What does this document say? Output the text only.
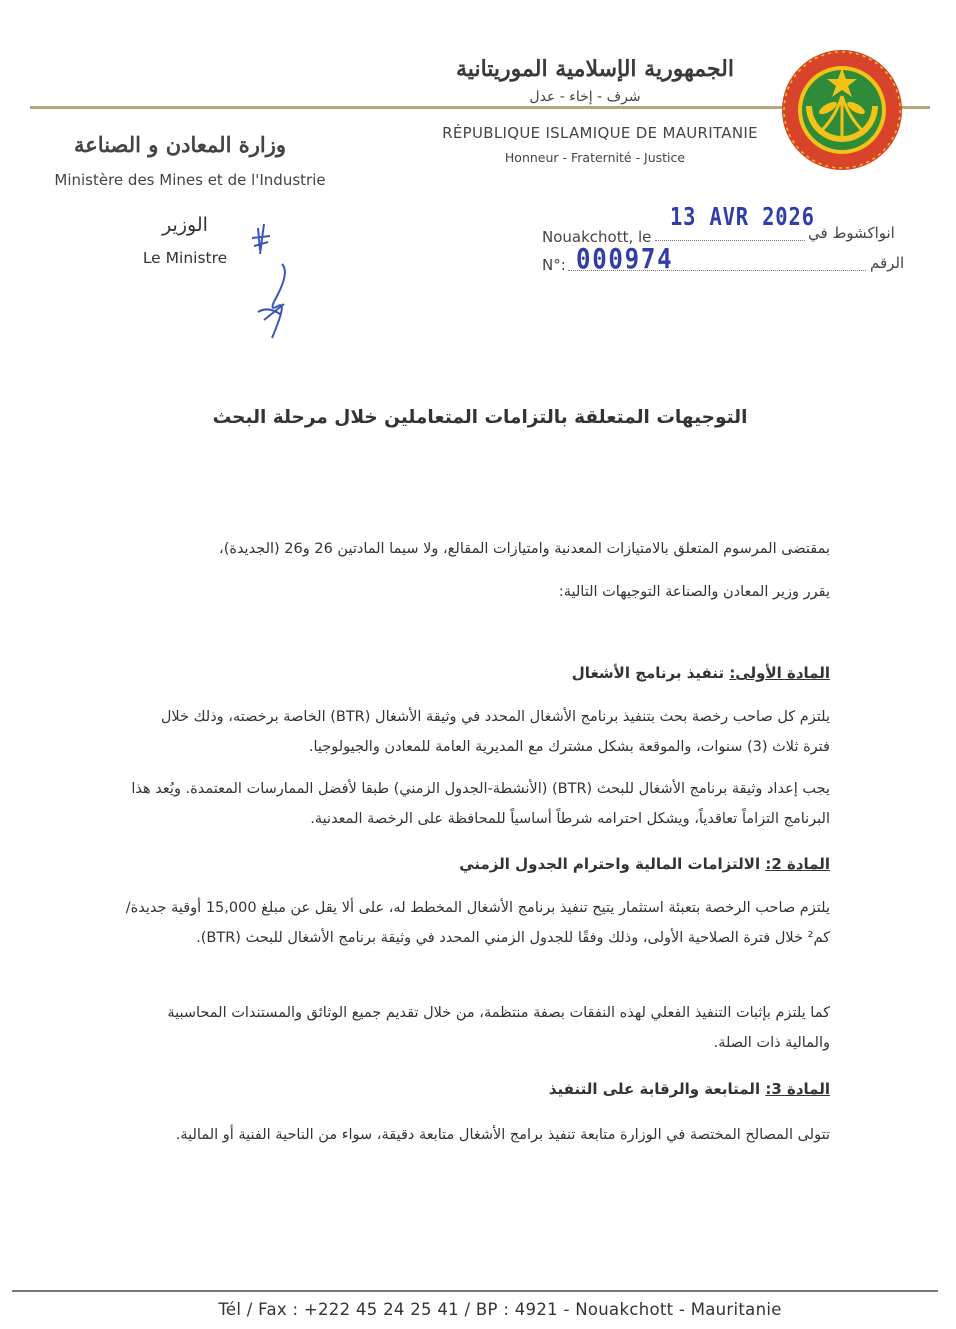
الجمهورية الإسلامية الموريتانية
شرف - إخاء - عدل
RÉPUBLIQUE ISLAMIQUE DE MAURITANIE
Honneur - Fraternité - Justice
وزارة المعادن و الصناعة
Ministère des Mines et de l'Industrie
الوزير
Le Ministre
Nouakchott, le	انواكشوط في
13 AVR 2026
N°:	الرقم
000974
التوجيهات المتعلقة بالتزامات المتعاملين خلال مرحلة البحث
بمقتضى المرسوم المتعلق بالامتيازات المعدنية وامتيازات المقالع، ولا سيما المادتين 26 و26 (الجديدة)،
يقرر وزير المعادن والصناعة التوجيهات التالية:
المادة الأولى: تنفيذ برنامج الأشغال
يلتزم كل صاحب رخصة بحث بتنفيذ برنامج الأشغال المحدد في وثيقة الأشغال (BTR) الخاصة برخصته، وذلك خلال فترة ثلاث (3) سنوات، والموقعة بشكل مشترك مع المديرية العامة للمعادن والجيولوجيا.
يجب إعداد وثيقة برنامج الأشغال للبحث (BTR) (الأنشطة-الجدول الزمني) طبقا لأفضل الممارسات المعتمدة. ويُعد هذا البرنامج التزاماً تعاقدياً، ويشكل احترامه شرطاً أساسياً للمحافظة على الرخصة المعدنية.
المادة 2: الالتزامات المالية واحترام الجدول الزمني
يلتزم صاحب الرخصة بتعبئة استثمار يتيح تنفيذ برنامج الأشغال المخطط له، على ألا يقل عن مبلغ 15,000 أوقية جديدة/كم² خلال فترة الصلاحية الأولى، وذلك وفقًا للجدول الزمني المحدد في وثيقة برنامج الأشغال للبحث (BTR).
كما يلتزم بإثبات التنفيذ الفعلي لهذه النفقات بصفة منتظمة، من خلال تقديم جميع الوثائق والمستندات المحاسبية والمالية ذات الصلة.
المادة 3: المتابعة والرقابة على التنفيذ
تتولى المصالح المختصة في الوزارة متابعة تنفيذ برامج الأشغال متابعة دقيقة، سواء من الناحية الفنية أو المالية.
Tél / Fax : +222 45 24 25 41 / BP : 4921 - Nouakchott - Mauritanie
